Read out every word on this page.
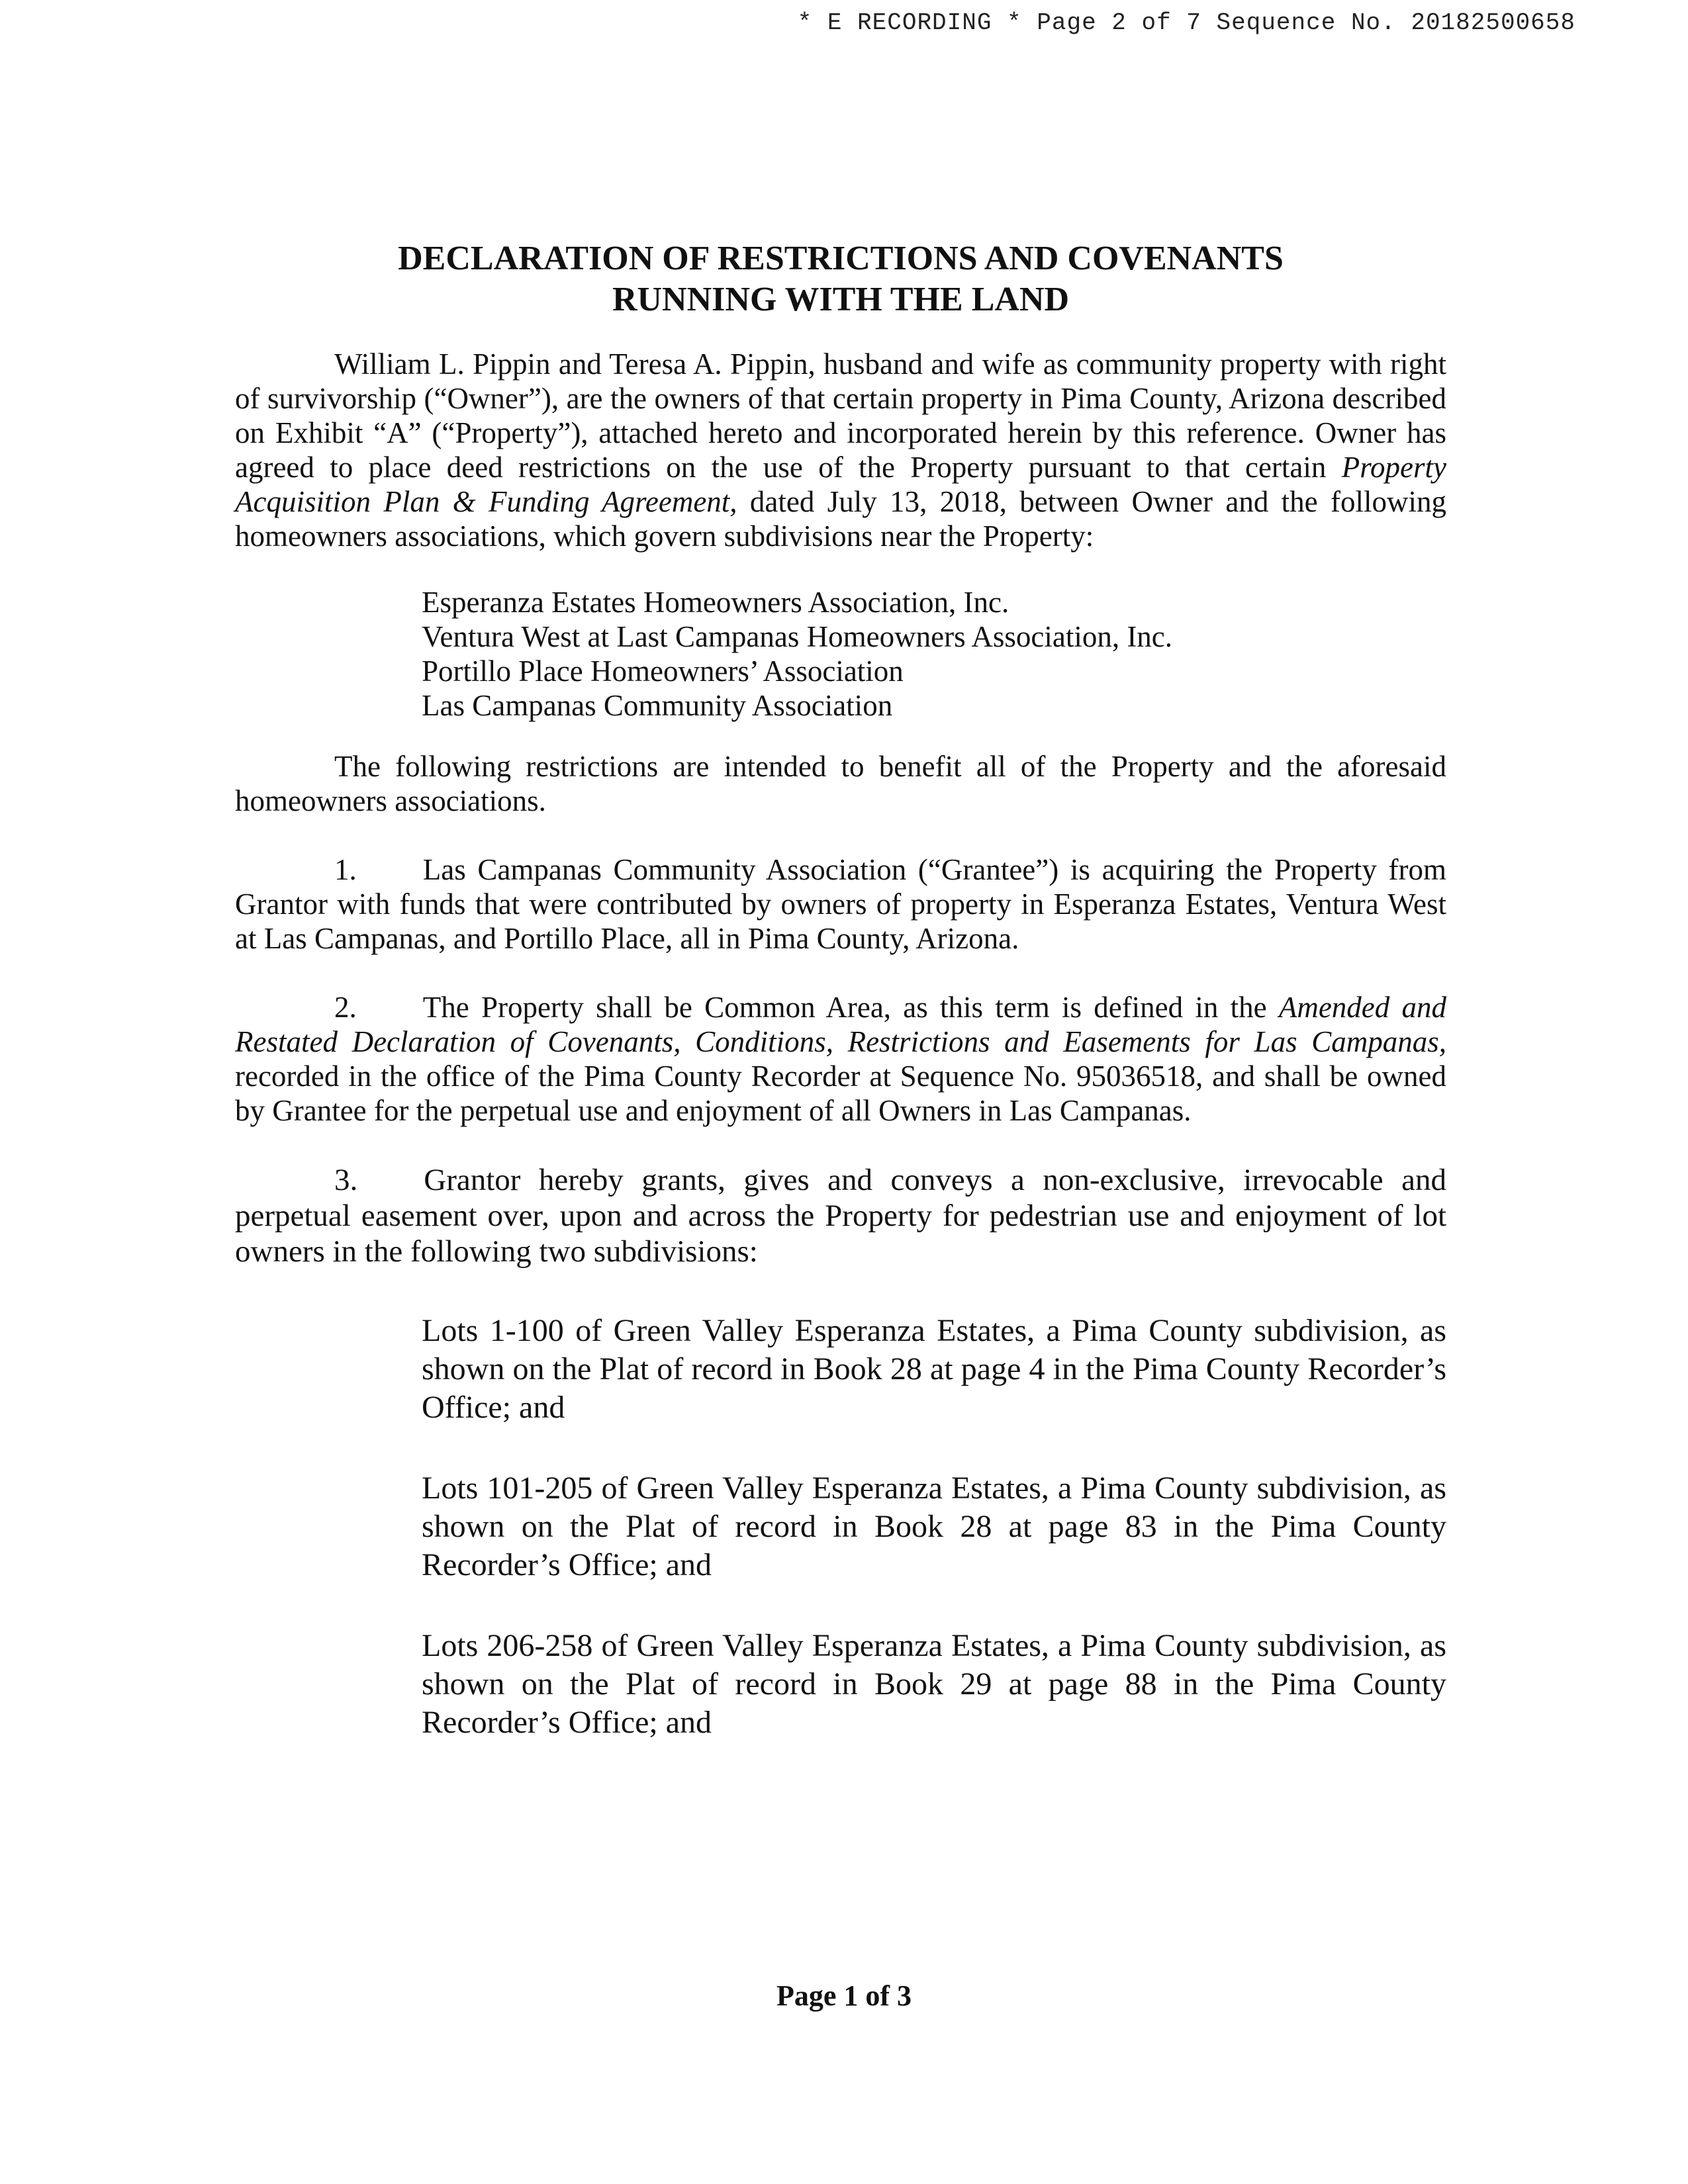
* E RECORDING * Page 2 of 7 Sequence No. 20182500658
DECLARATION OF RESTRICTIONS AND COVENANTS
RUNNING WITH THE LAND

William L. Pippin and Teresa A. Pippin, husband and wife as community property with right of survivorship (“Owner”), are the owners of that certain property in Pima County, Arizona described on Exhibit “A” (“Property”), attached hereto and incorporated herein by this reference. Owner has agreed to place deed restrictions on the use of the Property pursuant to that certain Property Acquisition Plan & Funding Agreement, dated July 13, 2018, between Owner and the following homeowners associations, which govern subdivisions near the Property:

Esperanza Estates Homeowners Association, Inc.
Ventura West at Last Campanas Homeowners Association, Inc.
Portillo Place Homeowners’ Association
Las Campanas Community Association

The following restrictions are intended to benefit all of the Property and the aforesaid homeowners associations.

1. Las Campanas Community Association (“Grantee”) is acquiring the Property from Grantor with funds that were contributed by owners of property in Esperanza Estates, Ventura West at Las Campanas, and Portillo Place, all in Pima County, Arizona.

2. The Property shall be Common Area, as this term is defined in the Amended and Restated Declaration of Covenants, Conditions, Restrictions and Easements for Las Campanas, recorded in the office of the Pima County Recorder at Sequence No. 95036518, and shall be owned by Grantee for the perpetual use and enjoyment of all Owners in Las Campanas.

3. Grantor hereby grants, gives and conveys a non-exclusive, irrevocable and perpetual easement over, upon and across the Property for pedestrian use and enjoyment of lot owners in the following two subdivisions:

Lots 1-100 of Green Valley Esperanza Estates, a Pima County subdivision, as shown on the Plat of record in Book 28 at page 4 in the Pima County Recorder’s Office; and
Lots 101-205 of Green Valley Esperanza Estates, a Pima County subdivision, as shown on the Plat of record in Book 28 at page 83 in the Pima County Recorder’s Office; and
Lots 206-258 of Green Valley Esperanza Estates, a Pima County subdivision, as shown on the Plat of record in Book 29 at page 88 in the Pima County Recorder’s Office; and
Page 1 of 3
